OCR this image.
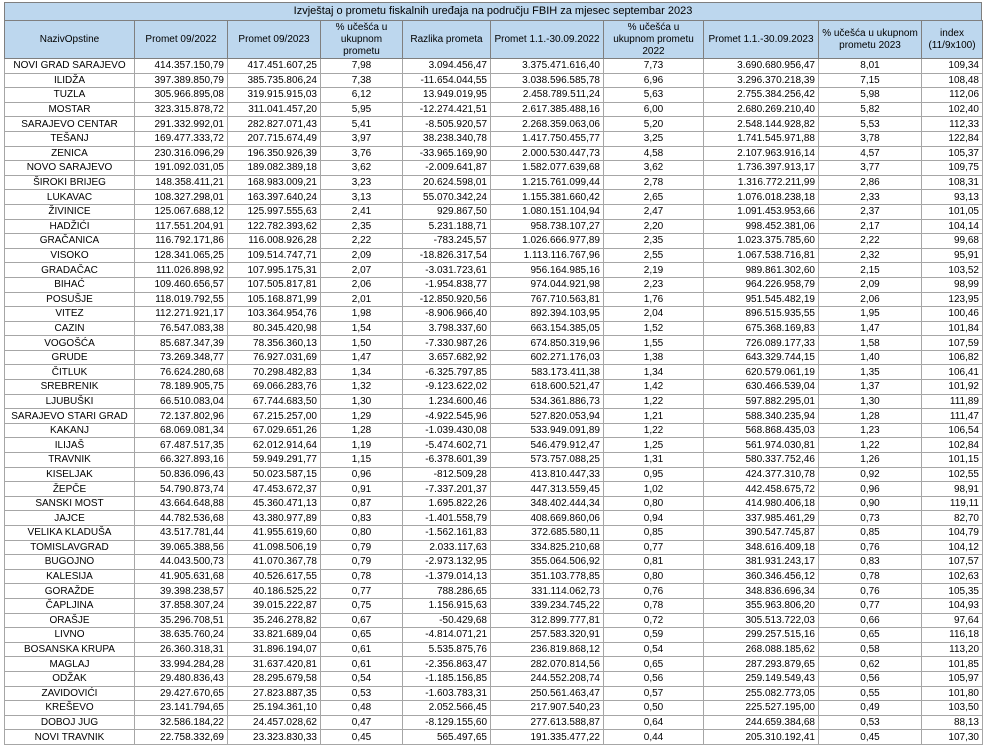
Izvještaj o prometu fiskalnih uređaja na području FBIH za mjesec septembar 2023
NazivOpstine	Promet 09/2022	Promet 09/2023	% učešća u ukupnom prometu	Razlika prometa	Promet 1.1.-30.09.2022	% učešća u ukupnom prometu 2022	Promet 1.1.-30.09.2023	% učešća u ukupnom prometu 2023	index (11/9x100)
NOVI GRAD SARAJEVO	414.357.150,79	417.451.607,25	7,98	3.094.456,47	3.375.471.616,40	7,73	3.690.680.956,47	8,01	109,34
ILIDŽA	397.389.850,79	385.735.806,24	7,38	-11.654.044,55	3.038.596.585,78	6,96	3.296.370.218,39	7,15	108,48
TUZLA	305.966.895,08	319.915.915,03	6,12	13.949.019,95	2.458.789.511,24	5,63	2.755.384.256,42	5,98	112,06
MOSTAR	323.315.878,72	311.041.457,20	5,95	-12.274.421,51	2.617.385.488,16	6,00	2.680.269.210,40	5,82	102,40
SARAJEVO CENTAR	291.332.992,01	282.827.071,43	5,41	-8.505.920,57	2.268.359.063,06	5,20	2.548.144.928,82	5,53	112,33
TEŠANJ	169.477.333,72	207.715.674,49	3,97	38.238.340,78	1.417.750.455,77	3,25	1.741.545.971,88	3,78	122,84
ZENICA	230.316.096,29	196.350.926,39	3,76	-33.965.169,90	2.000.530.447,73	4,58	2.107.963.916,14	4,57	105,37
NOVO SARAJEVO	191.092.031,05	189.082.389,18	3,62	-2.009.641,87	1.582.077.639,68	3,62	1.736.397.913,17	3,77	109,75
ŠIROKI BRIJEG	148.358.411,21	168.983.009,21	3,23	20.624.598,01	1.215.761.099,44	2,78	1.316.772.211,99	2,86	108,31
LUKAVAC	108.327.298,01	163.397.640,24	3,13	55.070.342,24	1.155.381.660,42	2,65	1.076.018.238,18	2,33	93,13
ŽIVINICE	125.067.688,12	125.997.555,63	2,41	929.867,50	1.080.151.104,94	2,47	1.091.453.953,66	2,37	101,05
HADŽIĆI	117.551.204,91	122.782.393,62	2,35	5.231.188,71	958.738.107,27	2,20	998.452.381,06	2,17	104,14
GRAČANICA	116.792.171,86	116.008.926,28	2,22	-783.245,57	1.026.666.977,89	2,35	1.023.375.785,60	2,22	99,68
VISOKO	128.341.065,25	109.514.747,71	2,09	-18.826.317,54	1.113.116.767,96	2,55	1.067.538.716,81	2,32	95,91
GRADAČAC	111.026.898,92	107.995.175,31	2,07	-3.031.723,61	956.164.985,16	2,19	989.861.302,60	2,15	103,52
BIHAĆ	109.460.656,57	107.505.817,81	2,06	-1.954.838,77	974.044.921,98	2,23	964.226.958,79	2,09	98,99
POSUŠJE	118.019.792,55	105.168.871,99	2,01	-12.850.920,56	767.710.563,81	1,76	951.545.482,19	2,06	123,95
VITEZ	112.271.921,17	103.364.954,76	1,98	-8.906.966,40	892.394.103,95	2,04	896.515.935,55	1,95	100,46
CAZIN	76.547.083,38	80.345.420,98	1,54	3.798.337,60	663.154.385,05	1,52	675.368.169,83	1,47	101,84
VOGOŠĆA	85.687.347,39	78.356.360,13	1,50	-7.330.987,26	674.850.319,96	1,55	726.089.177,33	1,58	107,59
GRUDE	73.269.348,77	76.927.031,69	1,47	3.657.682,92	602.271.176,03	1,38	643.329.744,15	1,40	106,82
ČITLUK	76.624.280,68	70.298.482,83	1,34	-6.325.797,85	583.173.411,38	1,34	620.579.061,19	1,35	106,41
SREBRENIK	78.189.905,75	69.066.283,76	1,32	-9.123.622,02	618.600.521,47	1,42	630.466.539,04	1,37	101,92
LJUBUŠKI	66.510.083,04	67.744.683,50	1,30	1.234.600,46	534.361.886,73	1,22	597.882.295,01	1,30	111,89
SARAJEVO STARI GRAD	72.137.802,96	67.215.257,00	1,29	-4.922.545,96	527.820.053,94	1,21	588.340.235,94	1,28	111,47
KAKANJ	68.069.081,34	67.029.651,26	1,28	-1.039.430,08	533.949.091,89	1,22	568.868.435,03	1,23	106,54
ILIJAŠ	67.487.517,35	62.012.914,64	1,19	-5.474.602,71	546.479.912,47	1,25	561.974.030,81	1,22	102,84
TRAVNIK	66.327.893,16	59.949.291,77	1,15	-6.378.601,39	573.757.088,25	1,31	580.337.752,46	1,26	101,15
KISELJAK	50.836.096,43	50.023.587,15	0,96	-812.509,28	413.810.447,33	0,95	424.377.310,78	0,92	102,55
ŽEPČE	54.790.873,74	47.453.672,37	0,91	-7.337.201,37	447.313.559,45	1,02	442.458.675,72	0,96	98,91
SANSKI MOST	43.664.648,88	45.360.471,13	0,87	1.695.822,26	348.402.444,34	0,80	414.980.406,18	0,90	119,11
JAJCE	44.782.536,68	43.380.977,89	0,83	-1.401.558,79	408.669.860,06	0,94	337.985.461,29	0,73	82,70
VELIKA KLADUŠA	43.517.781,44	41.955.619,60	0,80	-1.562.161,83	372.685.580,11	0,85	390.547.745,87	0,85	104,79
TOMISLAVGRAD	39.065.388,56	41.098.506,19	0,79	2.033.117,63	334.825.210,68	0,77	348.616.409,18	0,76	104,12
BUGOJNO	44.043.500,73	41.070.367,78	0,79	-2.973.132,95	355.064.506,92	0,81	381.931.243,17	0,83	107,57
KALESIJA	41.905.631,68	40.526.617,55	0,78	-1.379.014,13	351.103.778,85	0,80	360.346.456,12	0,78	102,63
GORAŽDE	39.398.238,57	40.186.525,22	0,77	788.286,65	331.114.062,73	0,76	348.836.696,34	0,76	105,35
ČAPLJINA	37.858.307,24	39.015.222,87	0,75	1.156.915,63	339.234.745,22	0,78	355.963.806,20	0,77	104,93
ORAŠJE	35.296.708,51	35.246.278,82	0,67	-50.429,68	312.899.777,81	0,72	305.513.722,03	0,66	97,64
LIVNO	38.635.760,24	33.821.689,04	0,65	-4.814.071,21	257.583.320,91	0,59	299.257.515,16	0,65	116,18
BOSANSKA KRUPA	26.360.318,31	31.896.194,07	0,61	5.535.875,76	236.819.868,12	0,54	268.088.185,62	0,58	113,20
MAGLAJ	33.994.284,28	31.637.420,81	0,61	-2.356.863,47	282.070.814,56	0,65	287.293.879,65	0,62	101,85
ODŽAK	29.480.836,43	28.295.679,58	0,54	-1.185.156,85	244.552.208,74	0,56	259.149.549,43	0,56	105,97
ZAVIDOVIĆI	29.427.670,65	27.823.887,35	0,53	-1.603.783,31	250.561.463,47	0,57	255.082.773,05	0,55	101,80
KREŠEVO	23.141.794,65	25.194.361,10	0,48	2.052.566,45	217.907.540,23	0,50	225.527.195,00	0,49	103,50
DOBOJ JUG	32.586.184,22	24.457.028,62	0,47	-8.129.155,60	277.613.588,87	0,64	244.659.384,68	0,53	88,13
NOVI TRAVNIK	22.758.332,69	23.323.830,33	0,45	565.497,65	191.335.477,22	0,44	205.310.192,41	0,45	107,30
